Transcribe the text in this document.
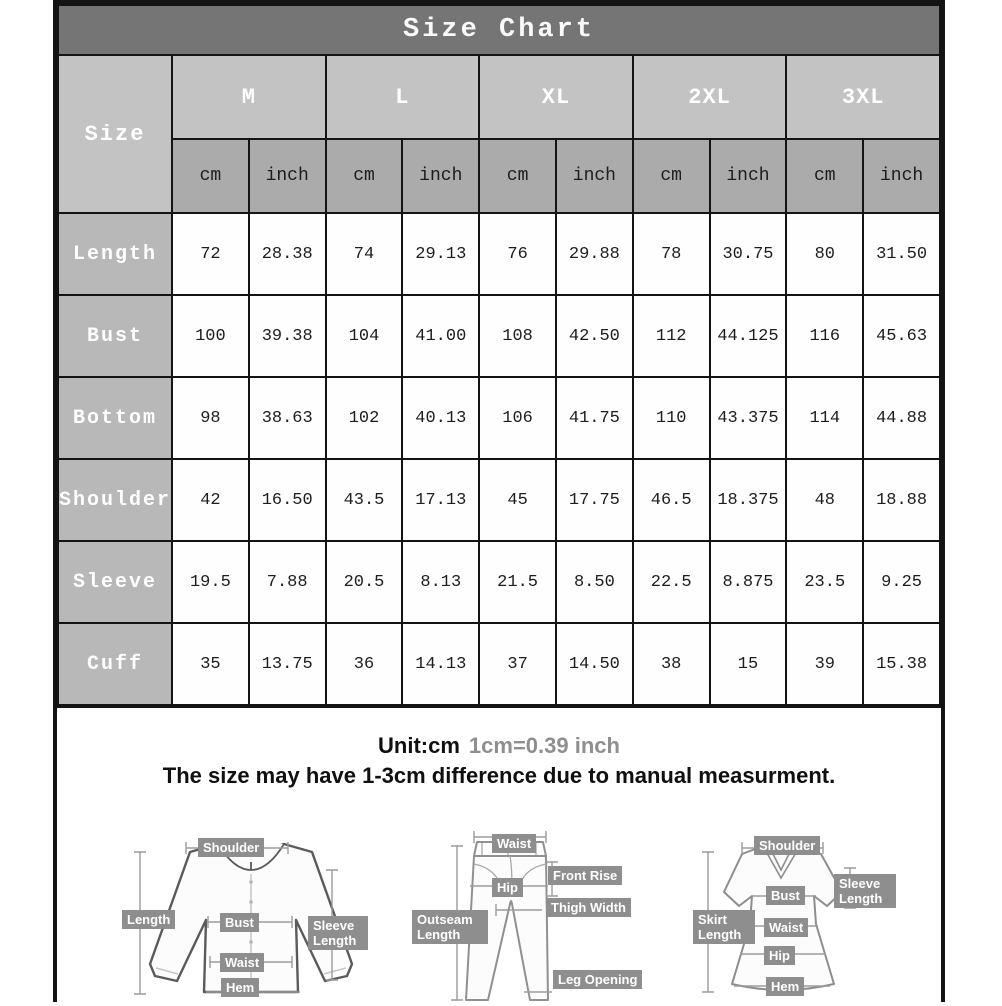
Size Chart										
Size	M		L		XL		2XL		3XL	
	cm	inch	cm	inch	cm	inch	cm	inch	cm	inch
Length	72	28.38	74	29.13	76	29.88	78	30.75	80	31.50
Bust	100	39.38	104	41.00	108	42.50	112	44.125	116	45.63
Bottom	98	38.63	102	40.13	106	41.75	110	43.375	114	44.88
Shoulder	42	16.50	43.5	17.13	45	17.75	46.5	18.375	48	18.88
Sleeve	19.5	7.88	20.5	8.13	21.5	8.50	22.5	8.875	23.5	9.25
Cuff	35	13.75	36	14.13	37	14.50	38	15	39	15.38
Unit:cm 1cm=0.39 inch
The size may have 1-3cm difference due to manual measurment.
Shoulder
Length	Bust
Waist
Hem
Sleeve Length
Waist
Front Rise
Hip
Thigh Width
Outseam Length
Leg Opening
Shoulder
Sleeve Length
Bust
Skirt Length	Waist
Hip
Hem
